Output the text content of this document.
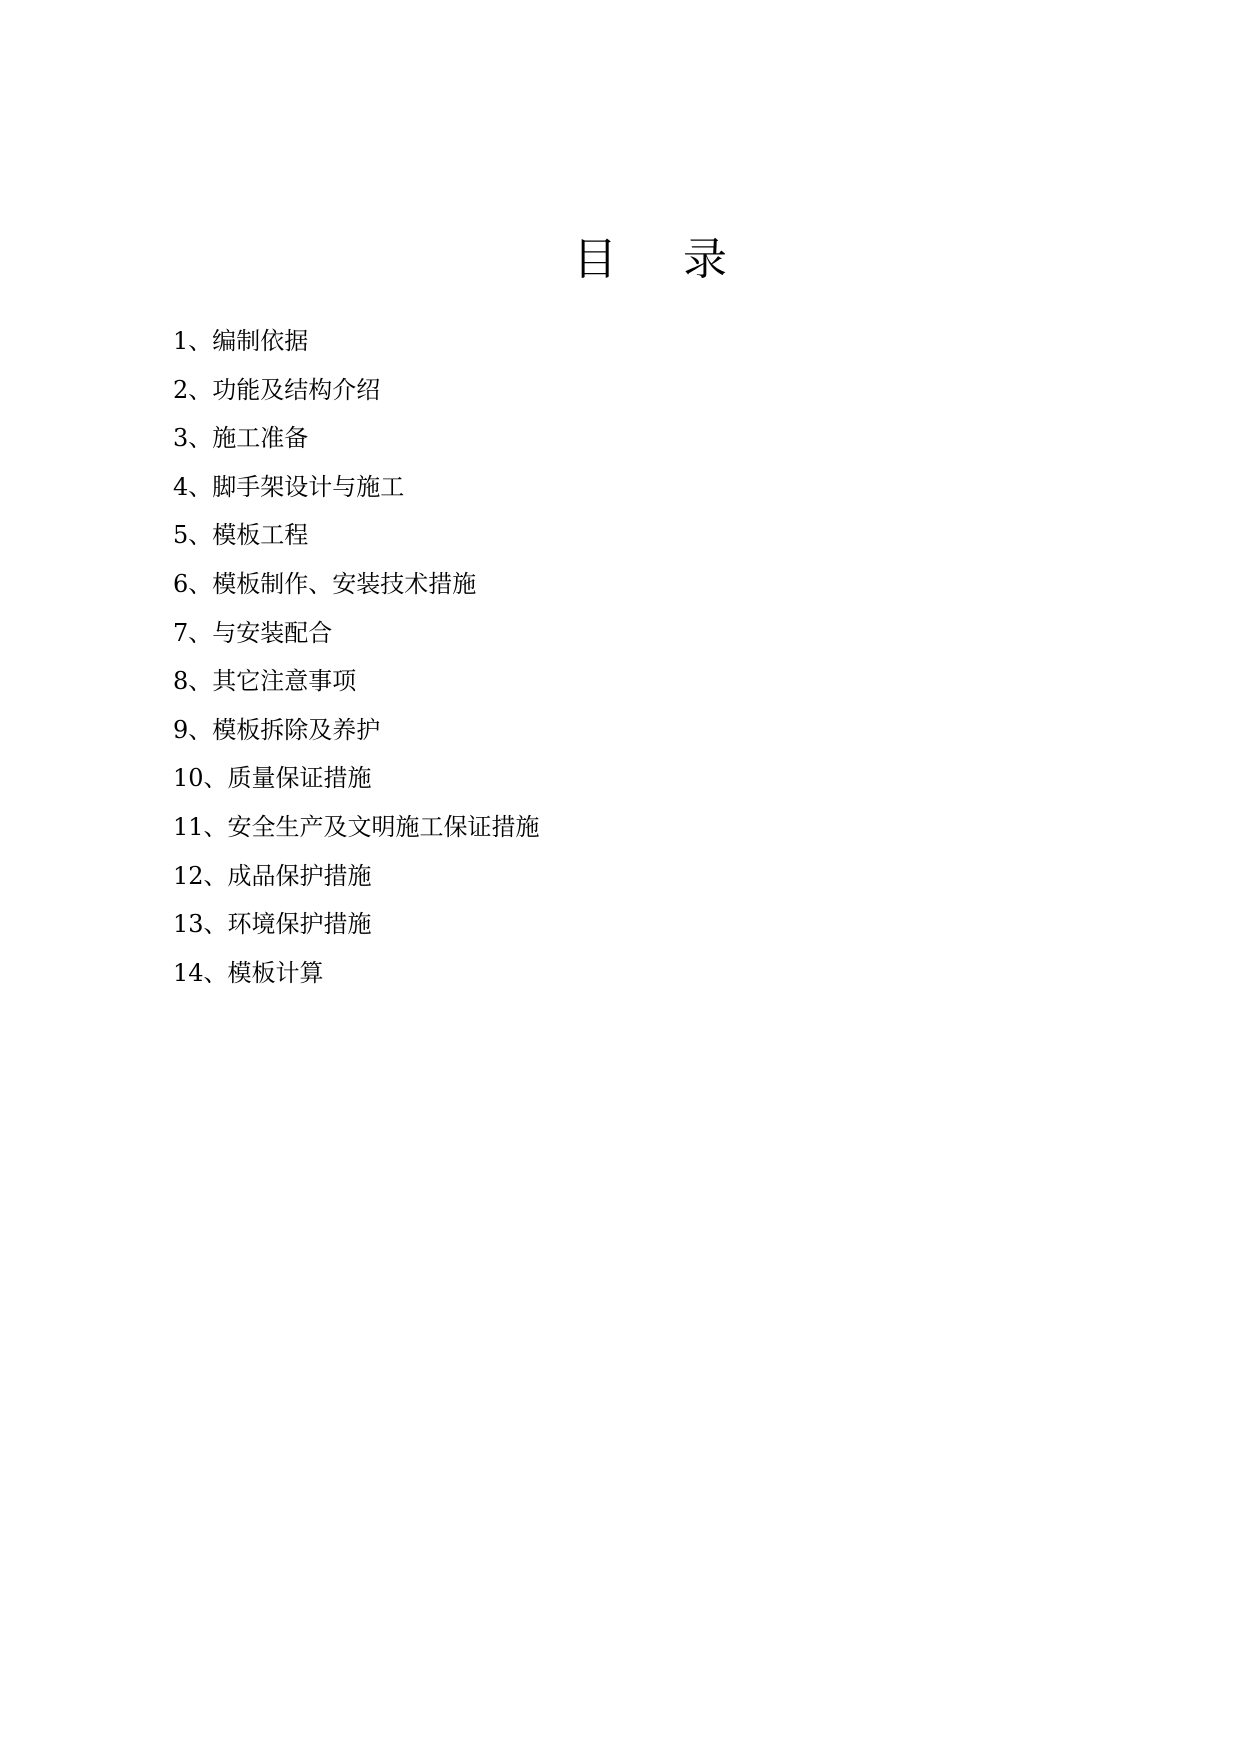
目 录
1、编制依据
2、功能及结构介绍
3、施工准备
4、脚手架设计与施工
5、模板工程
6、模板制作、安装技术措施
7、与安装配合
8、其它注意事项
9、模板拆除及养护
10、质量保证措施
11、安全生产及文明施工保证措施
12、成品保护措施
13、环境保护措施
14、模板计算
